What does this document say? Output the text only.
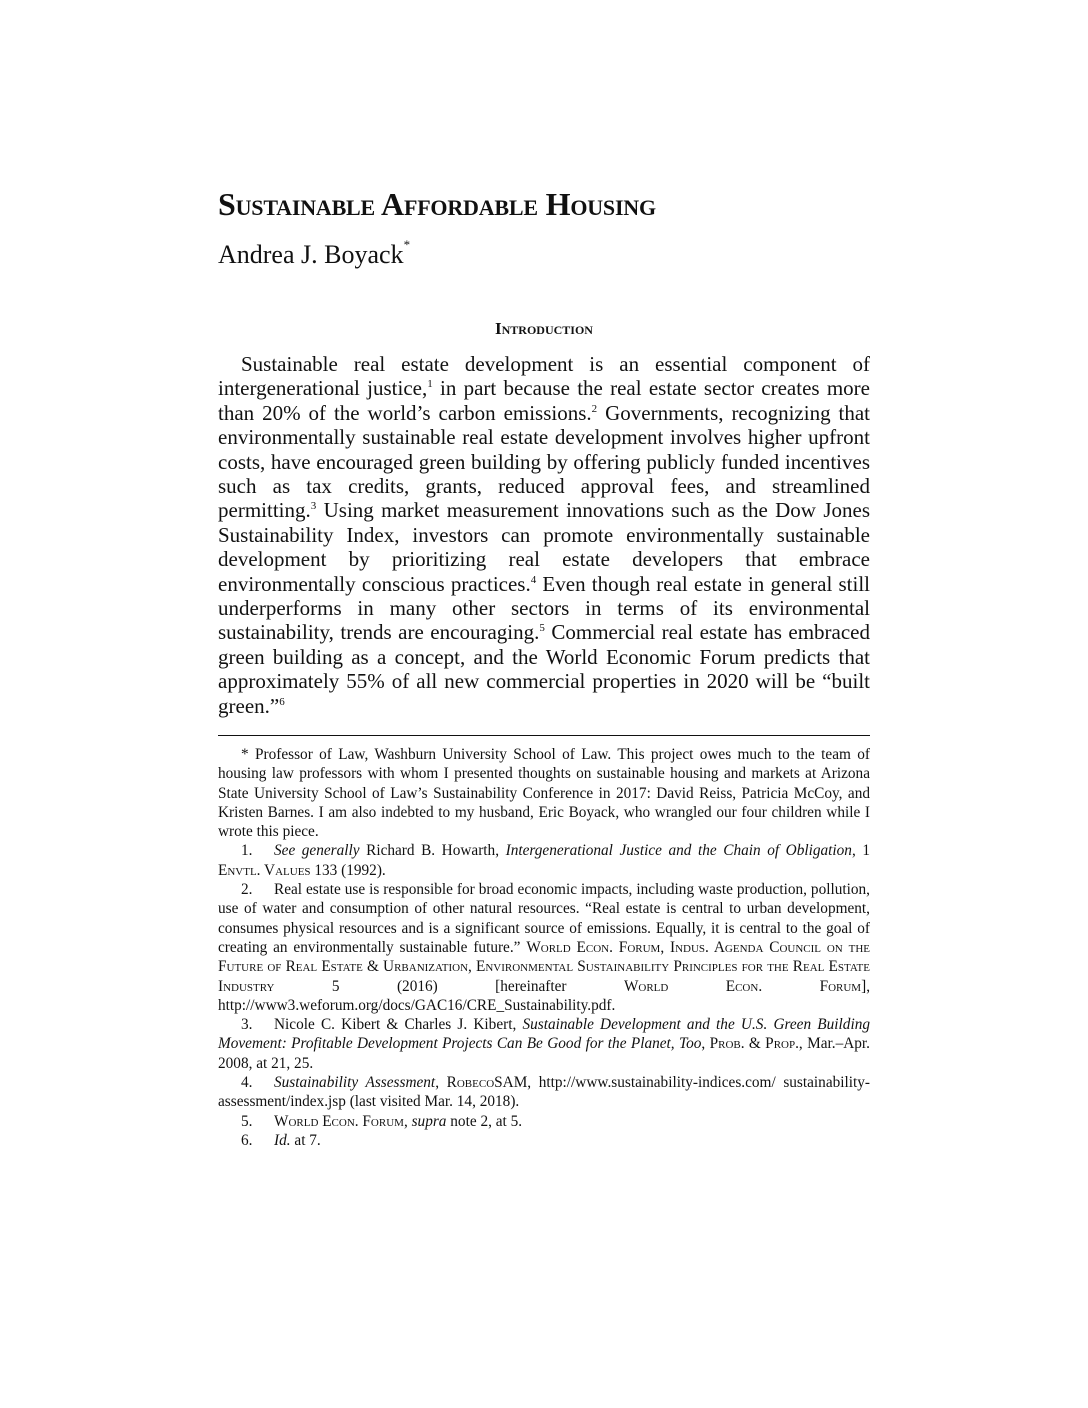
Sustainable Affordable Housing
Andrea J. Boyack*
Introduction

Sustainable real estate development is an essential component of intergenerational justice,$^1$ in part because the real estate sector creates more than 20% of the world’s carbon emissions.$^2$ Governments, recognizing that environmentally sustainable real estate development involves higher upfront costs, have encouraged green building by offering publicly funded incentives such as tax credits, grants, reduced approval fees, and streamlined permitting.$^3$ Using market measurement innovations such as the Dow Jones Sustainability Index, investors can promote environmentally sustainable development by prioritizing real estate developers that embrace environmentally conscious practices.$^4$ Even though real estate in general still underperforms in many other sectors in terms of its environmental sustainability, trends are encouraging.$^5$ Commercial real estate has embraced green building as a concept, and the World Economic Forum predicts that approximately 55% of all new commercial properties in 2020 will be “built green.”$^6$

* Professor of Law, Washburn University School of Law. This project owes much to the team of housing law professors with whom I presented thoughts on sustainable housing and markets at Arizona State University School of Law’s Sustainability Conference in 2017: David Reiss, Patricia McCoy, and Kristen Barnes. I am also indebted to my husband, Eric Boyack, who wrangled our four children while I wrote this piece.

1. See generally Richard B. Howarth, Intergenerational Justice and the Chain of Obligation, 1 Envtl. Values 133 (1992).

2. Real estate use is responsible for broad economic impacts, including waste production, pollution, use of water and consumption of other natural resources. “Real estate is central to urban development, consumes physical resources and is a significant source of emissions. Equally, it is central to the goal of creating an environmentally sustainable future.” World Econ. Forum, Indus. Agenda Council on the Future of Real Estate & Urbanization, Environmental Sustainability Principles for the Real Estate Industry 5 (2016) [hereinafter World Econ. Forum], http://www3.weforum.org/docs/GAC16/CRE_Sustainability.pdf.

3. Nicole C. Kibert & Charles J. Kibert, Sustainable Development and the U.S. Green Building Movement: Profitable Development Projects Can Be Good for the Planet, Too, Prob. & Prop., Mar.–Apr. 2008, at 21, 25.

4. Sustainability Assessment, RobecoSAM, http://www.sustainability-indices.com/ sustainability-assessment/index.jsp (last visited Mar. 14, 2018).

5. World Econ. Forum, supra note 2, at 5.

6. Id. at 7.
